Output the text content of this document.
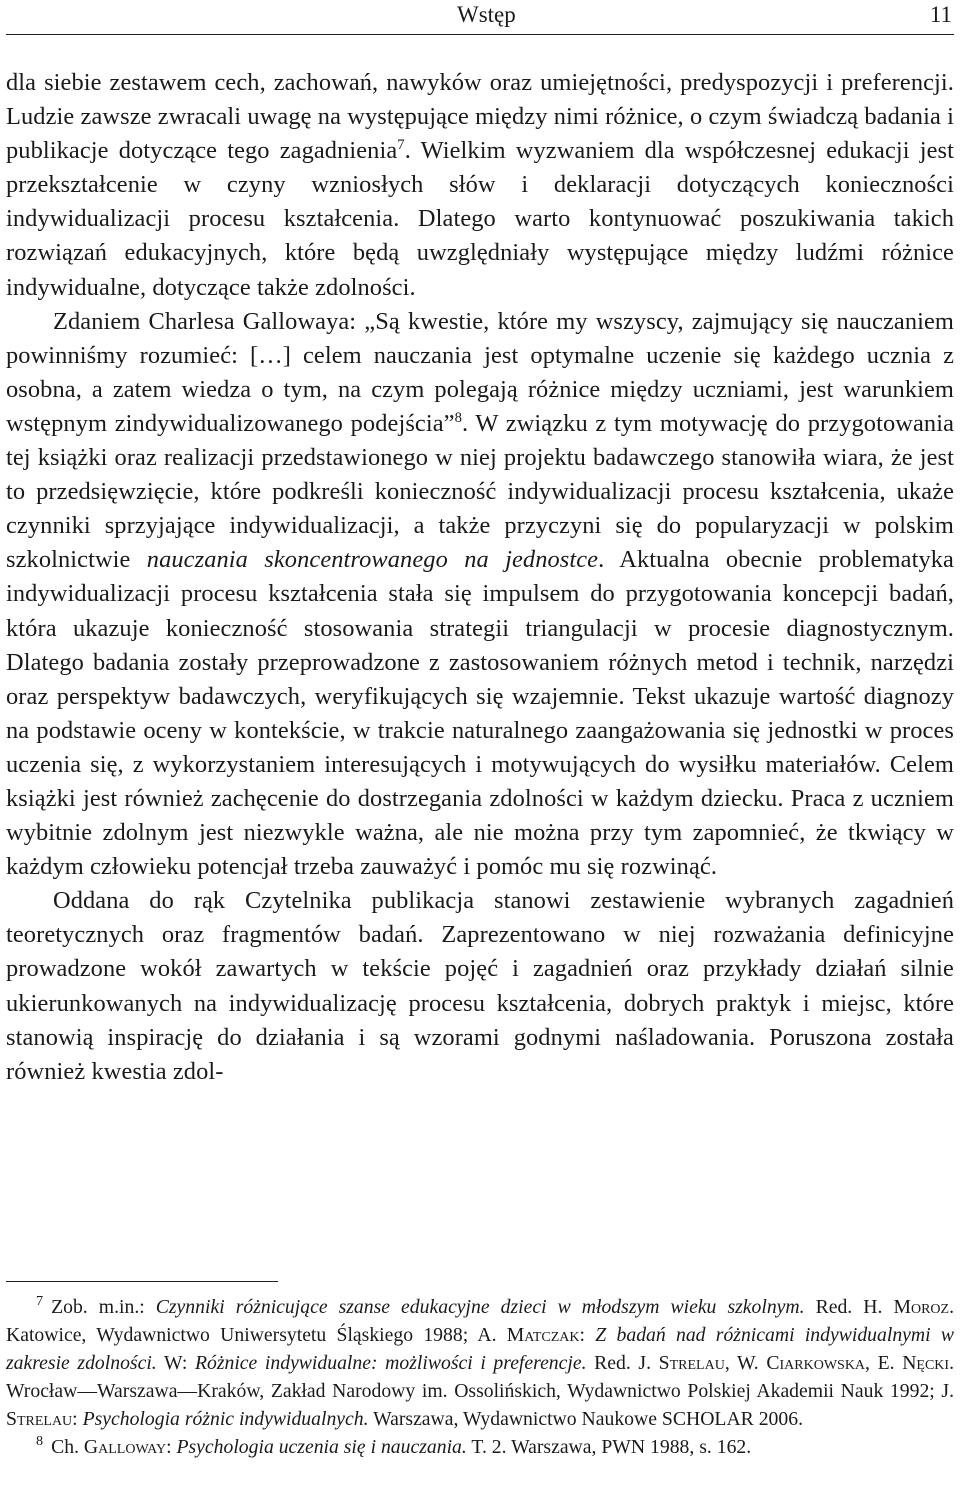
Wstęp	11

dla siebie zestawem cech, zachowań, nawyków oraz umiejętności, predyspozycji i preferencji. Ludzie zawsze zwracali uwagę na występujące między nimi różnice, o czym świadczą badania i publikacje dotyczące tego zagadnienia$^7$. Wielkim wyzwaniem dla współczesnej edukacji jest przekształcenie w czyny wzniosłych słów i deklaracji dotyczących konieczności indywidualizacji procesu kształcenia. Dlatego warto kontynuować poszukiwania takich rozwiązań edukacyjnych, które będą uwzględniały występujące między ludźmi różnice indywidualne, dotyczące także zdolności.

Zdaniem Charlesa Gallowaya: „Są kwestie, które my wszyscy, zajmujący się nauczaniem powinniśmy rozumieć: […] celem nauczania jest optymalne uczenie się każdego ucznia z osobna, a zatem wiedza o tym, na czym polegają różnice między uczniami, jest warunkiem wstępnym zindywidualizowanego podejścia”$^8$. W związku z tym motywację do przygotowania tej książki oraz realizacji przedstawionego w niej projektu badawczego stanowiła wiara, że jest to przedsięwzięcie, które podkreśli konieczność indywidualizacji procesu kształcenia, ukaże czynniki sprzyjające indywidualizacji, a także przyczyni się do popularyzacji w polskim szkolnictwie nauczania skoncentrowanego na jednostce. Aktualna obecnie problematyka indywidualizacji procesu kształcenia stała się impulsem do przygotowania koncepcji badań, która ukazuje konieczność stosowania strategii triangulacji w procesie diagnostycznym. Dlatego badania zostały przeprowadzone z zastosowaniem różnych metod i technik, narzędzi oraz perspektyw badawczych, weryfikujących się wzajemnie. Tekst ukazuje wartość diagnozy na podstawie oceny w kontekście, w trakcie naturalnego zaangażowania się jednostki w proces uczenia się, z wykorzystaniem interesujących i motywujących do wysiłku materiałów. Celem książki jest również zachęcenie do dostrzegania zdolności w każdym dziecku. Praca z uczniem wybitnie zdolnym jest niezwykle ważna, ale nie można przy tym zapomnieć, że tkwiący w każdym człowieku potencjał trzeba zauważyć i pomóc mu się rozwinąć.

Oddana do rąk Czytelnika publikacja stanowi zestawienie wybranych zagadnień teoretycznych oraz fragmentów badań. Zaprezentowano w niej rozważania definicyjne prowadzone wokół zawartych w tekście pojęć i zagadnień oraz przykłady działań silnie ukierunkowanych na indywidualizację procesu kształcenia, dobrych praktyk i miejsc, które stanowią inspirację do działania i są wzorami godnymi naśladowania. Poruszona została również kwestia zdol-

$^7$ Zob. m.in.: Czynniki różnicujące szanse edukacyjne dzieci w młodszym wieku szkolnym. Red. H. Moroz. Katowice, Wydawnictwo Uniwersytetu Śląskiego 1988; A. Matczak: Z badań nad różnicami indywidualnymi w zakresie zdolności. W: Różnice indywidualne: możliwości i preferencje. Red. J. Strelau, W. Ciarkowska, E. Nęcki. Wrocław—Warszawa—Kraków, Zakład Narodowy im. Ossolińskich, Wydawnictwo Polskiej Akademii Nauk 1992; J. Strelau: Psychologia różnic indywidualnych. Warszawa, Wydawnictwo Naukowe SCHOLAR 2006.

$^8$ Ch. Galloway: Psychologia uczenia się i nauczania. T. 2. Warszawa, PWN 1988, s. 162.
